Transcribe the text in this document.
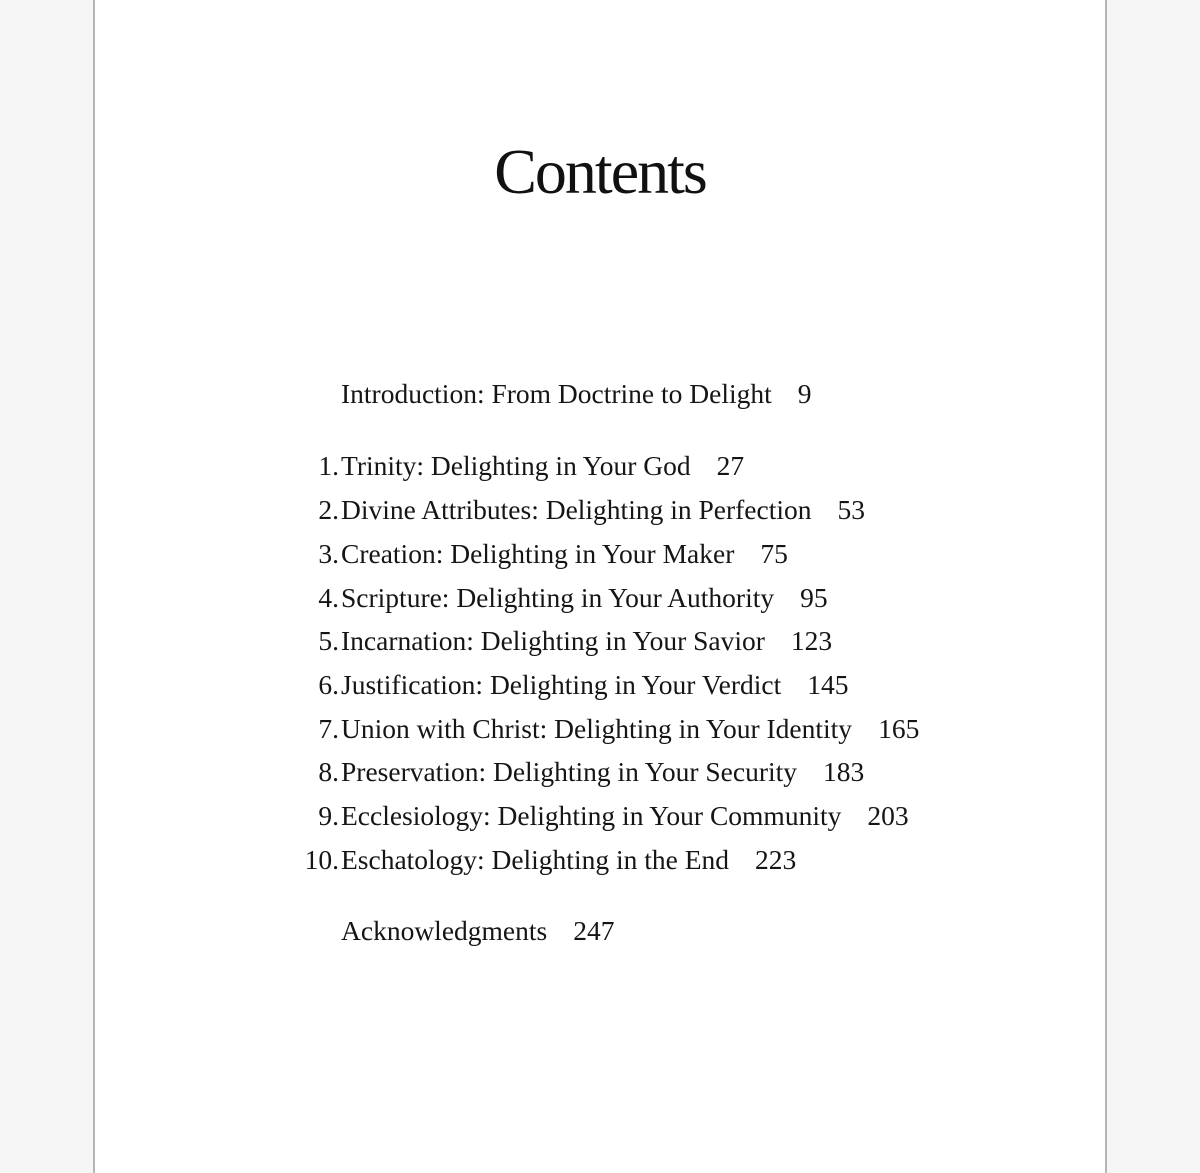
Contents
Introduction: From Doctrine to Delight 9
1. Trinity: Delighting in Your God 27
2. Divine Attributes: Delighting in Perfection 53
3. Creation: Delighting in Your Maker 75
4. Scripture: Delighting in Your Authority 95
5. Incarnation: Delighting in Your Savior 123
6. Justification: Delighting in Your Verdict 145
7. Union with Christ: Delighting in Your Identity 165
8. Preservation: Delighting in Your Security 183
9. Ecclesiology: Delighting in Your Community 203
10. Eschatology: Delighting in the End 223
Acknowledgments 247
